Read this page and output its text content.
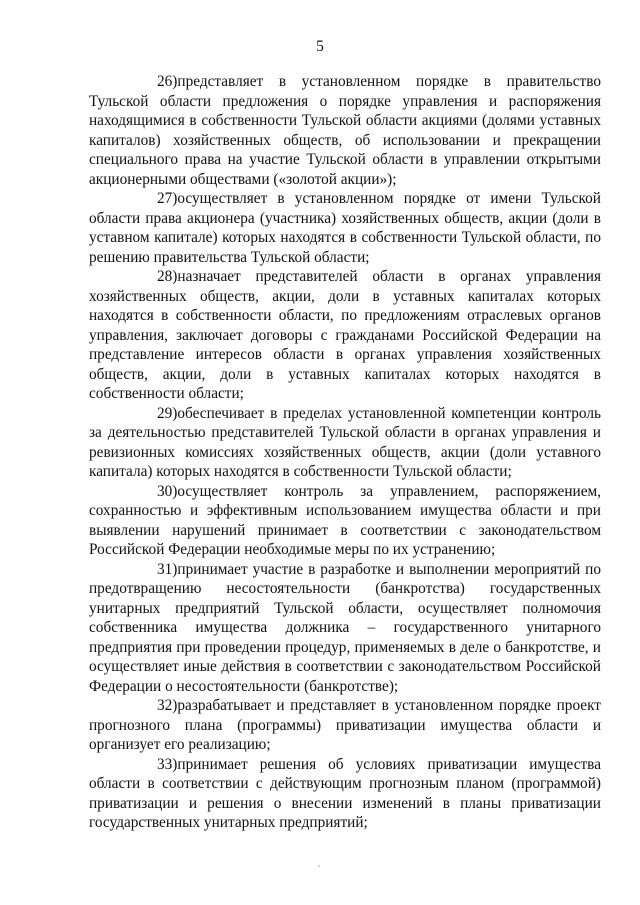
5

26)представляет в установленном порядке в правительство Тульской области предложения о порядке управления и распоряжения находящимися в собственности Тульской области акциями (долями уставных капиталов) хозяйственных обществ, об использовании и прекращении специального права на участие Тульской области в управлении открытыми акционерными обществами («золотой акции»);

27)осуществляет в установленном порядке от имени Тульской области права акционера (участника) хозяйственных обществ, акции (доли в уставном капитале) которых находятся в собственности Тульской области, по решению правительства Тульской области;

28)назначает представителей области в органах управления хозяйственных обществ, акции, доли в уставных капиталах которых находятся в собственности области, по предложениям отраслевых органов управления, заключает договоры с гражданами Российской Федерации на представление интересов области в органах управления хозяйственных обществ, акции, доли в уставных капиталах которых находятся в собственности области;

29)обеспечивает в пределах установленной компетенции контроль за деятельностью представителей Тульской области в органах управления и ревизионных комиссиях хозяйственных обществ, акции (доли уставного капитала) которых находятся в собственности Тульской области;

30)осуществляет контроль за управлением, распоряжением, сохранностью и эффективным использованием имущества области и при выявлении нарушений принимает в соответствии с законодательством Российской Федерации необходимые меры по их устранению;

31)принимает участие в разработке и выполнении мероприятий по предотвращению несостоятельности (банкротства) государственных унитарных предприятий Тульской области, осуществляет полномочия собственника имущества должника – государственного унитарного предприятия при проведении процедур, применяемых в деле о банкротстве, и осуществляет иные действия в соответствии с законодательством Российской Федерации о несостоятельности (банкротстве);

32)разрабатывает и представляет в установленном порядке проект прогнозного плана (программы) приватизации имущества области и организует его реализацию;

33)принимает решения об условиях приватизации имущества области в соответствии с действующим прогнозным планом (программой) приватизации и решения о внесении изменений в планы приватизации государственных унитарных предприятий;
